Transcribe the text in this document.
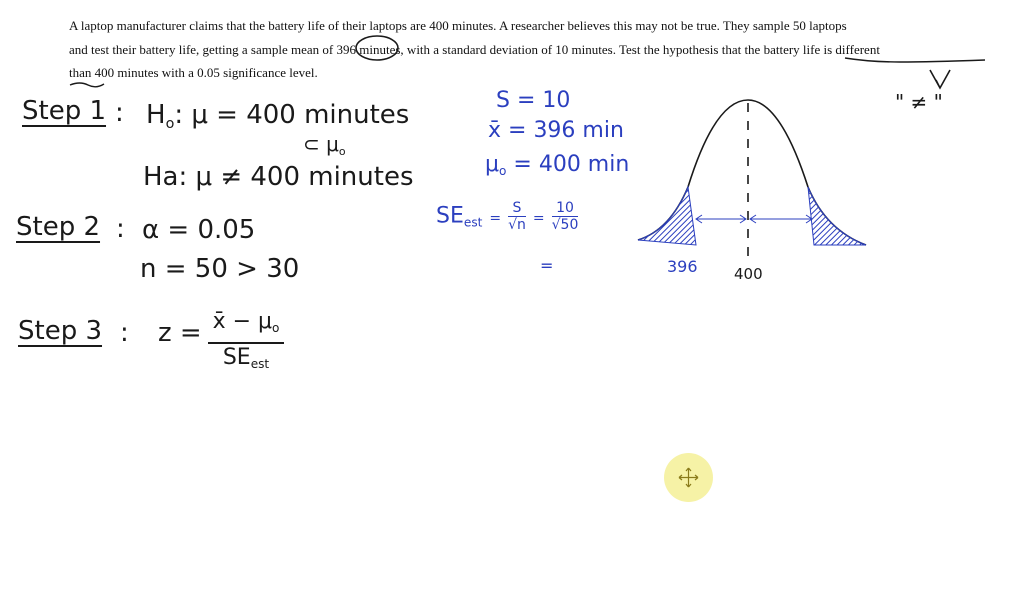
A laptop manufacturer claims that the battery life of their laptops are 400 minutes. A researcher believes this may not be true. They sample 50 laptops
and test their battery life, getting a sample mean of 396 minutes, with a standard deviation of 10 minutes. Test the hypothesis that the battery life is different
than 400 minutes with a 0.05 significance level.

Step 1 : $H_o$: μ = 400 minutes

⊂ $\mu_o$

Ha: μ ≠ 400 minutes

Step 2 : α = 0.05

n = 50 > 30

Step 3 : z = x̄ − $\mu_o$
$SE_{est}$

" ≠ "

S = 10

x̄ = 396 min

$\mu_o = 400$ min

$SE_{est} = \frac{S}{√n} = \frac{10}{√50}$

=	396 400
